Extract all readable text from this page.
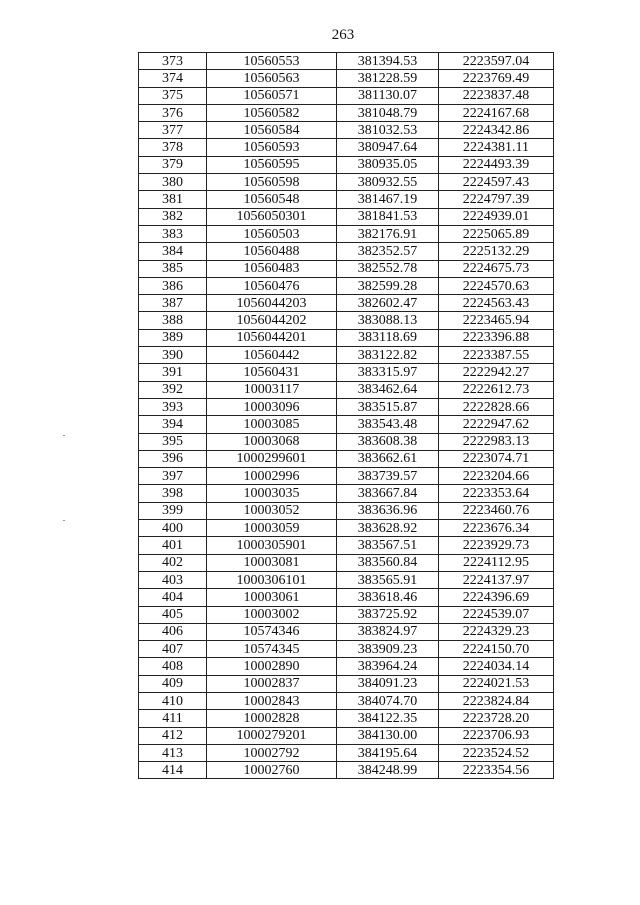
263
373	10560553	381394.53	2223597.04
374	10560563	381228.59	2223769.49
375	10560571	381130.07	2223837.48
376	10560582	381048.79	2224167.68
377	10560584	381032.53	2224342.86
378	10560593	380947.64	2224381.11
379	10560595	380935.05	2224493.39
380	10560598	380932.55	2224597.43
381	10560548	381467.19	2224797.39
382	1056050301	381841.53	2224939.01
383	10560503	382176.91	2225065.89
384	10560488	382352.57	2225132.29
385	10560483	382552.78	2224675.73
386	10560476	382599.28	2224570.63
387	1056044203	382602.47	2224563.43
388	1056044202	383088.13	2223465.94
389	1056044201	383118.69	2223396.88
390	10560442	383122.82	2223387.55
391	10560431	383315.97	2222942.27
392	10003117	383462.64	2222612.73
393	10003096	383515.87	2222828.66
394	10003085	383543.48	2222947.62
395	10003068	383608.38	2222983.13
396	1000299601	383662.61	2223074.71
397	10002996	383739.57	2223204.66
398	10003035	383667.84	2223353.64
399	10003052	383636.96	2223460.76
400	10003059	383628.92	2223676.34
401	1000305901	383567.51	2223929.73
402	10003081	383560.84	2224112.95
403	1000306101	383565.91	2224137.97
404	10003061	383618.46	2224396.69
405	10003002	383725.92	2224539.07
406	10574346	383824.97	2224329.23
407	10574345	383909.23	2224150.70
408	10002890	383964.24	2224034.14
409	10002837	384091.23	2224021.53
410	10002843	384074.70	2223824.84
411	10002828	384122.35	2223728.20
412	1000279201	384130.00	2223706.93
413	10002792	384195.64	2223524.52
414	10002760	384248.99	2223354.56
